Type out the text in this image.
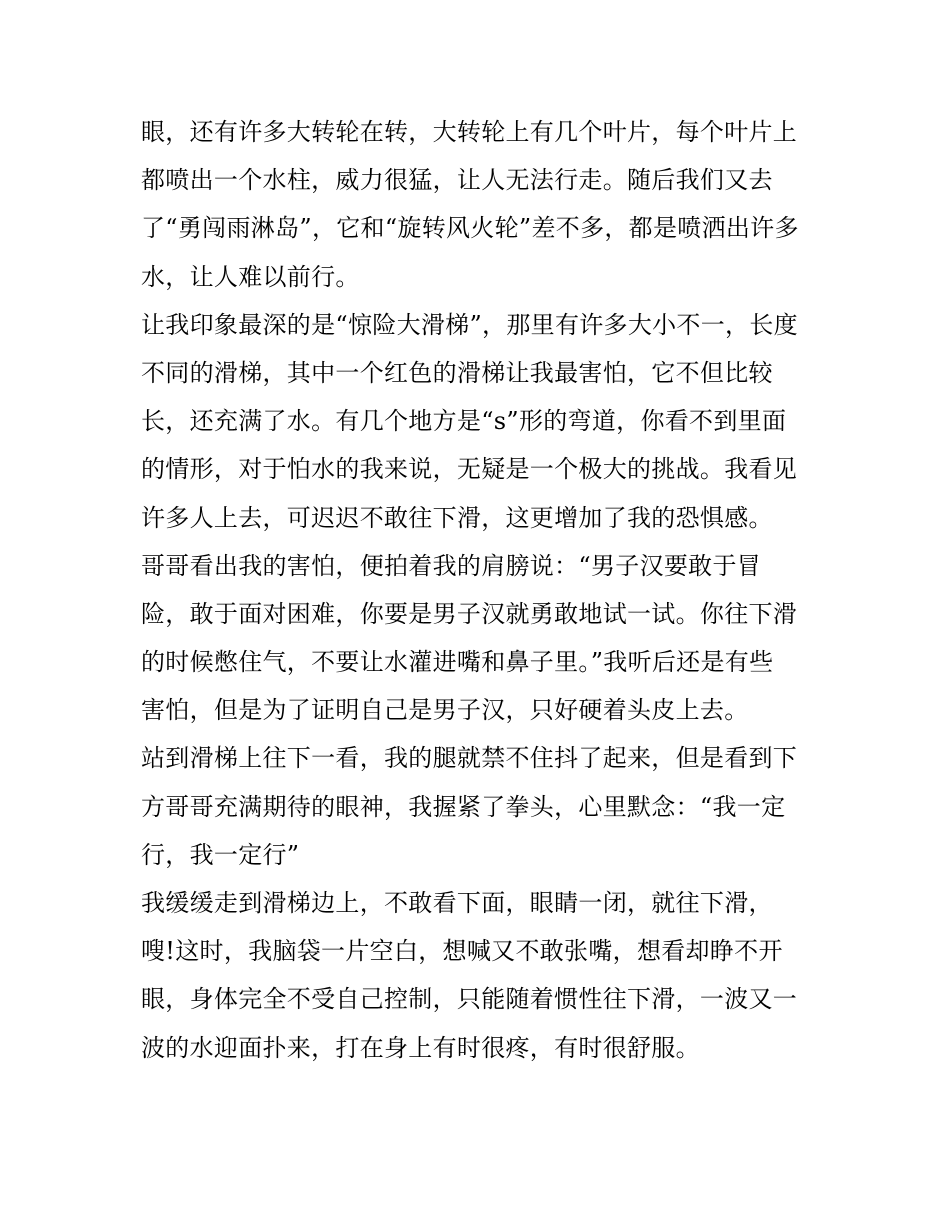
眼，还有许多大转轮在转，大转轮上有几个叶片，每个叶片上
都喷出一个水柱，威力很猛，让人无法行走。随后我们又去
了“勇闯雨淋岛”，它和“旋转风火轮”差不多，都是喷洒出许多
水，让人难以前行。
让我印象最深的是“惊险大滑梯”，那里有许多大小不一，长度
不同的滑梯，其中一个红色的滑梯让我最害怕，它不但比较
长，还充满了水。有几个地方是“s”形的弯道，你看不到里面
的情形，对于怕水的我来说，无疑是一个极大的挑战。我看见
许多人上去，可迟迟不敢往下滑，这更增加了我的恐惧感。
哥哥看出我的害怕，便拍着我的肩膀说：“男子汉要敢于冒
险，敢于面对困难，你要是男子汉就勇敢地试一试。你往下滑
的时候憋住气，不要让水灌进嘴和鼻子里。”我听后还是有些
害怕，但是为了证明自己是男子汉，只好硬着头皮上去。
站到滑梯上往下一看，我的腿就禁不住抖了起来，但是看到下
方哥哥充满期待的眼神，我握紧了拳头，心里默念：“我一定
行，我一定行”
我缓缓走到滑梯边上，不敢看下面，眼睛一闭，就往下滑，
嗖!这时，我脑袋一片空白，想喊又不敢张嘴，想看却睁不开
眼，身体完全不受自己控制，只能随着惯性往下滑，一波又一
波的水迎面扑来，打在身上有时很疼，有时很舒服。
